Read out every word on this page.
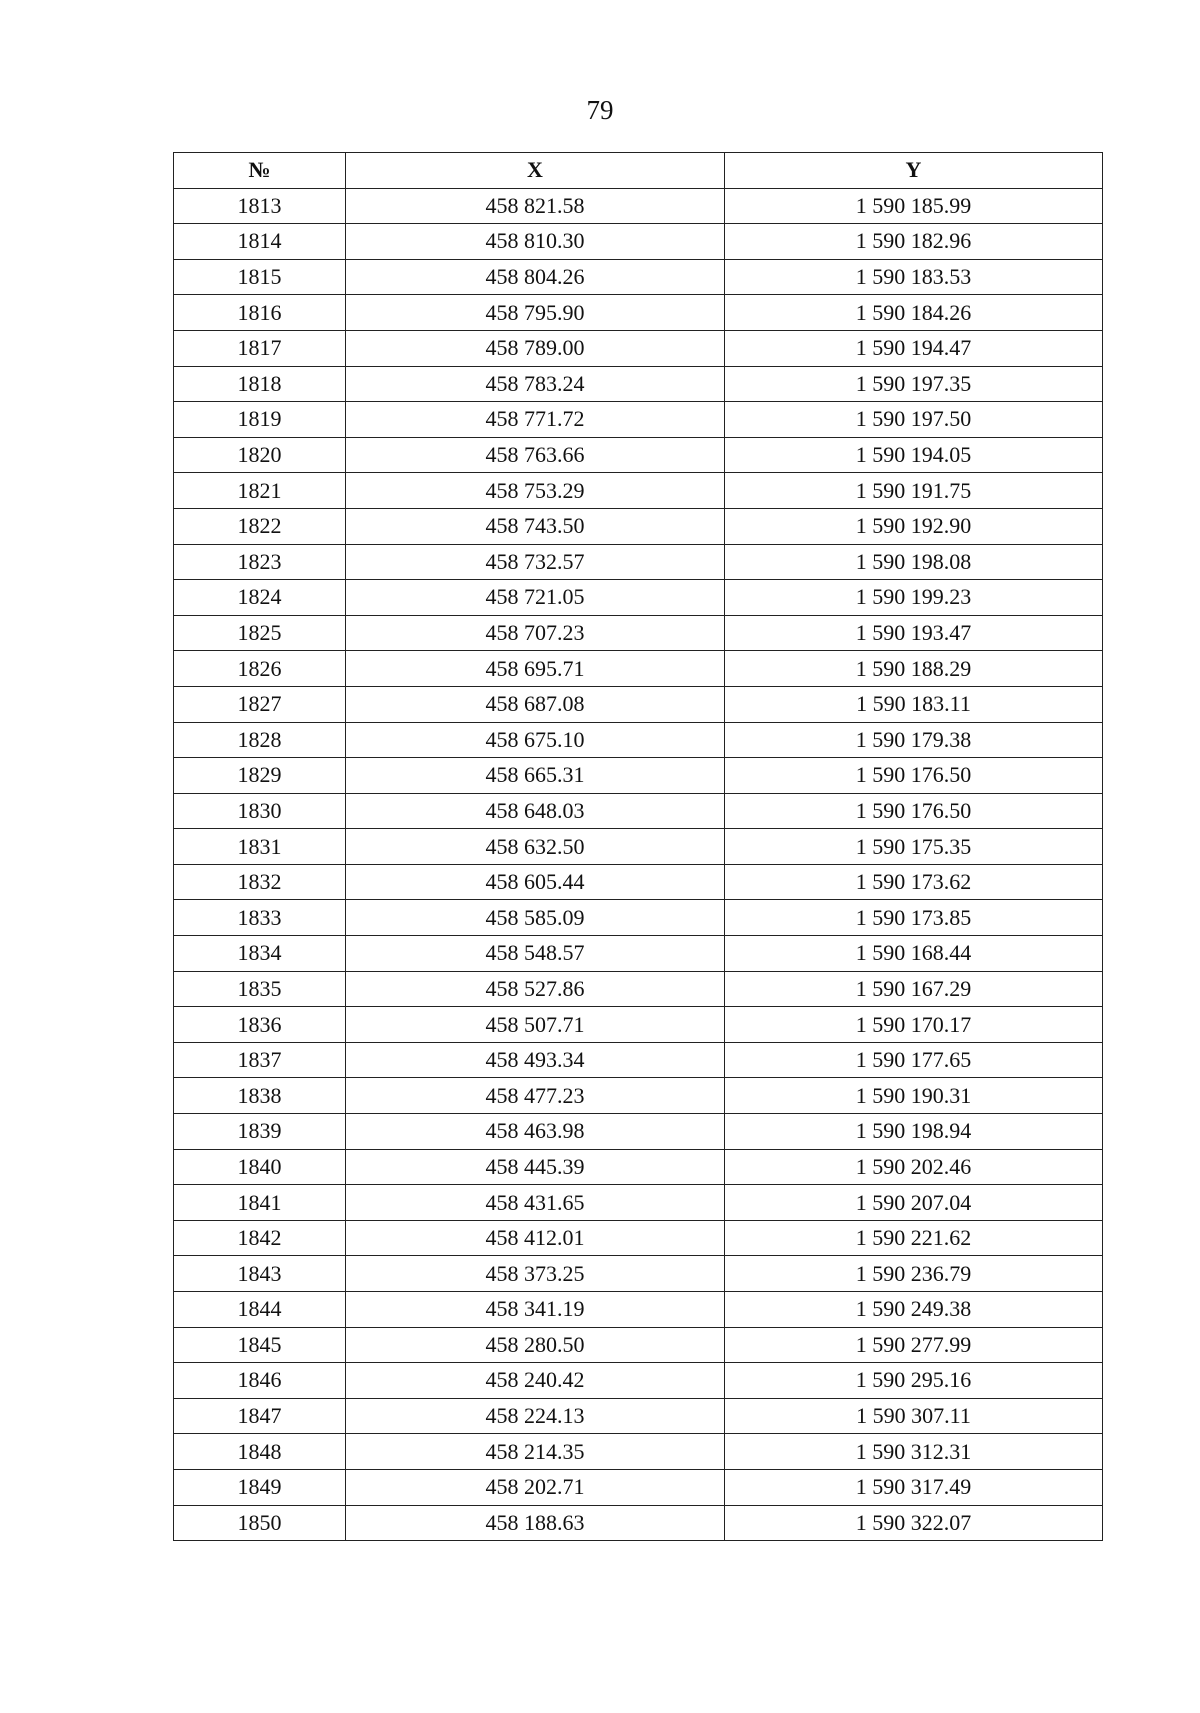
79
№	X	Y
1813	458 821.58	1 590 185.99
1814	458 810.30	1 590 182.96
1815	458 804.26	1 590 183.53
1816	458 795.90	1 590 184.26
1817	458 789.00	1 590 194.47
1818	458 783.24	1 590 197.35
1819	458 771.72	1 590 197.50
1820	458 763.66	1 590 194.05
1821	458 753.29	1 590 191.75
1822	458 743.50	1 590 192.90
1823	458 732.57	1 590 198.08
1824	458 721.05	1 590 199.23
1825	458 707.23	1 590 193.47
1826	458 695.71	1 590 188.29
1827	458 687.08	1 590 183.11
1828	458 675.10	1 590 179.38
1829	458 665.31	1 590 176.50
1830	458 648.03	1 590 176.50
1831	458 632.50	1 590 175.35
1832	458 605.44	1 590 173.62
1833	458 585.09	1 590 173.85
1834	458 548.57	1 590 168.44
1835	458 527.86	1 590 167.29
1836	458 507.71	1 590 170.17
1837	458 493.34	1 590 177.65
1838	458 477.23	1 590 190.31
1839	458 463.98	1 590 198.94
1840	458 445.39	1 590 202.46
1841	458 431.65	1 590 207.04
1842	458 412.01	1 590 221.62
1843	458 373.25	1 590 236.79
1844	458 341.19	1 590 249.38
1845	458 280.50	1 590 277.99
1846	458 240.42	1 590 295.16
1847	458 224.13	1 590 307.11
1848	458 214.35	1 590 312.31
1849	458 202.71	1 590 317.49
1850	458 188.63	1 590 322.07
